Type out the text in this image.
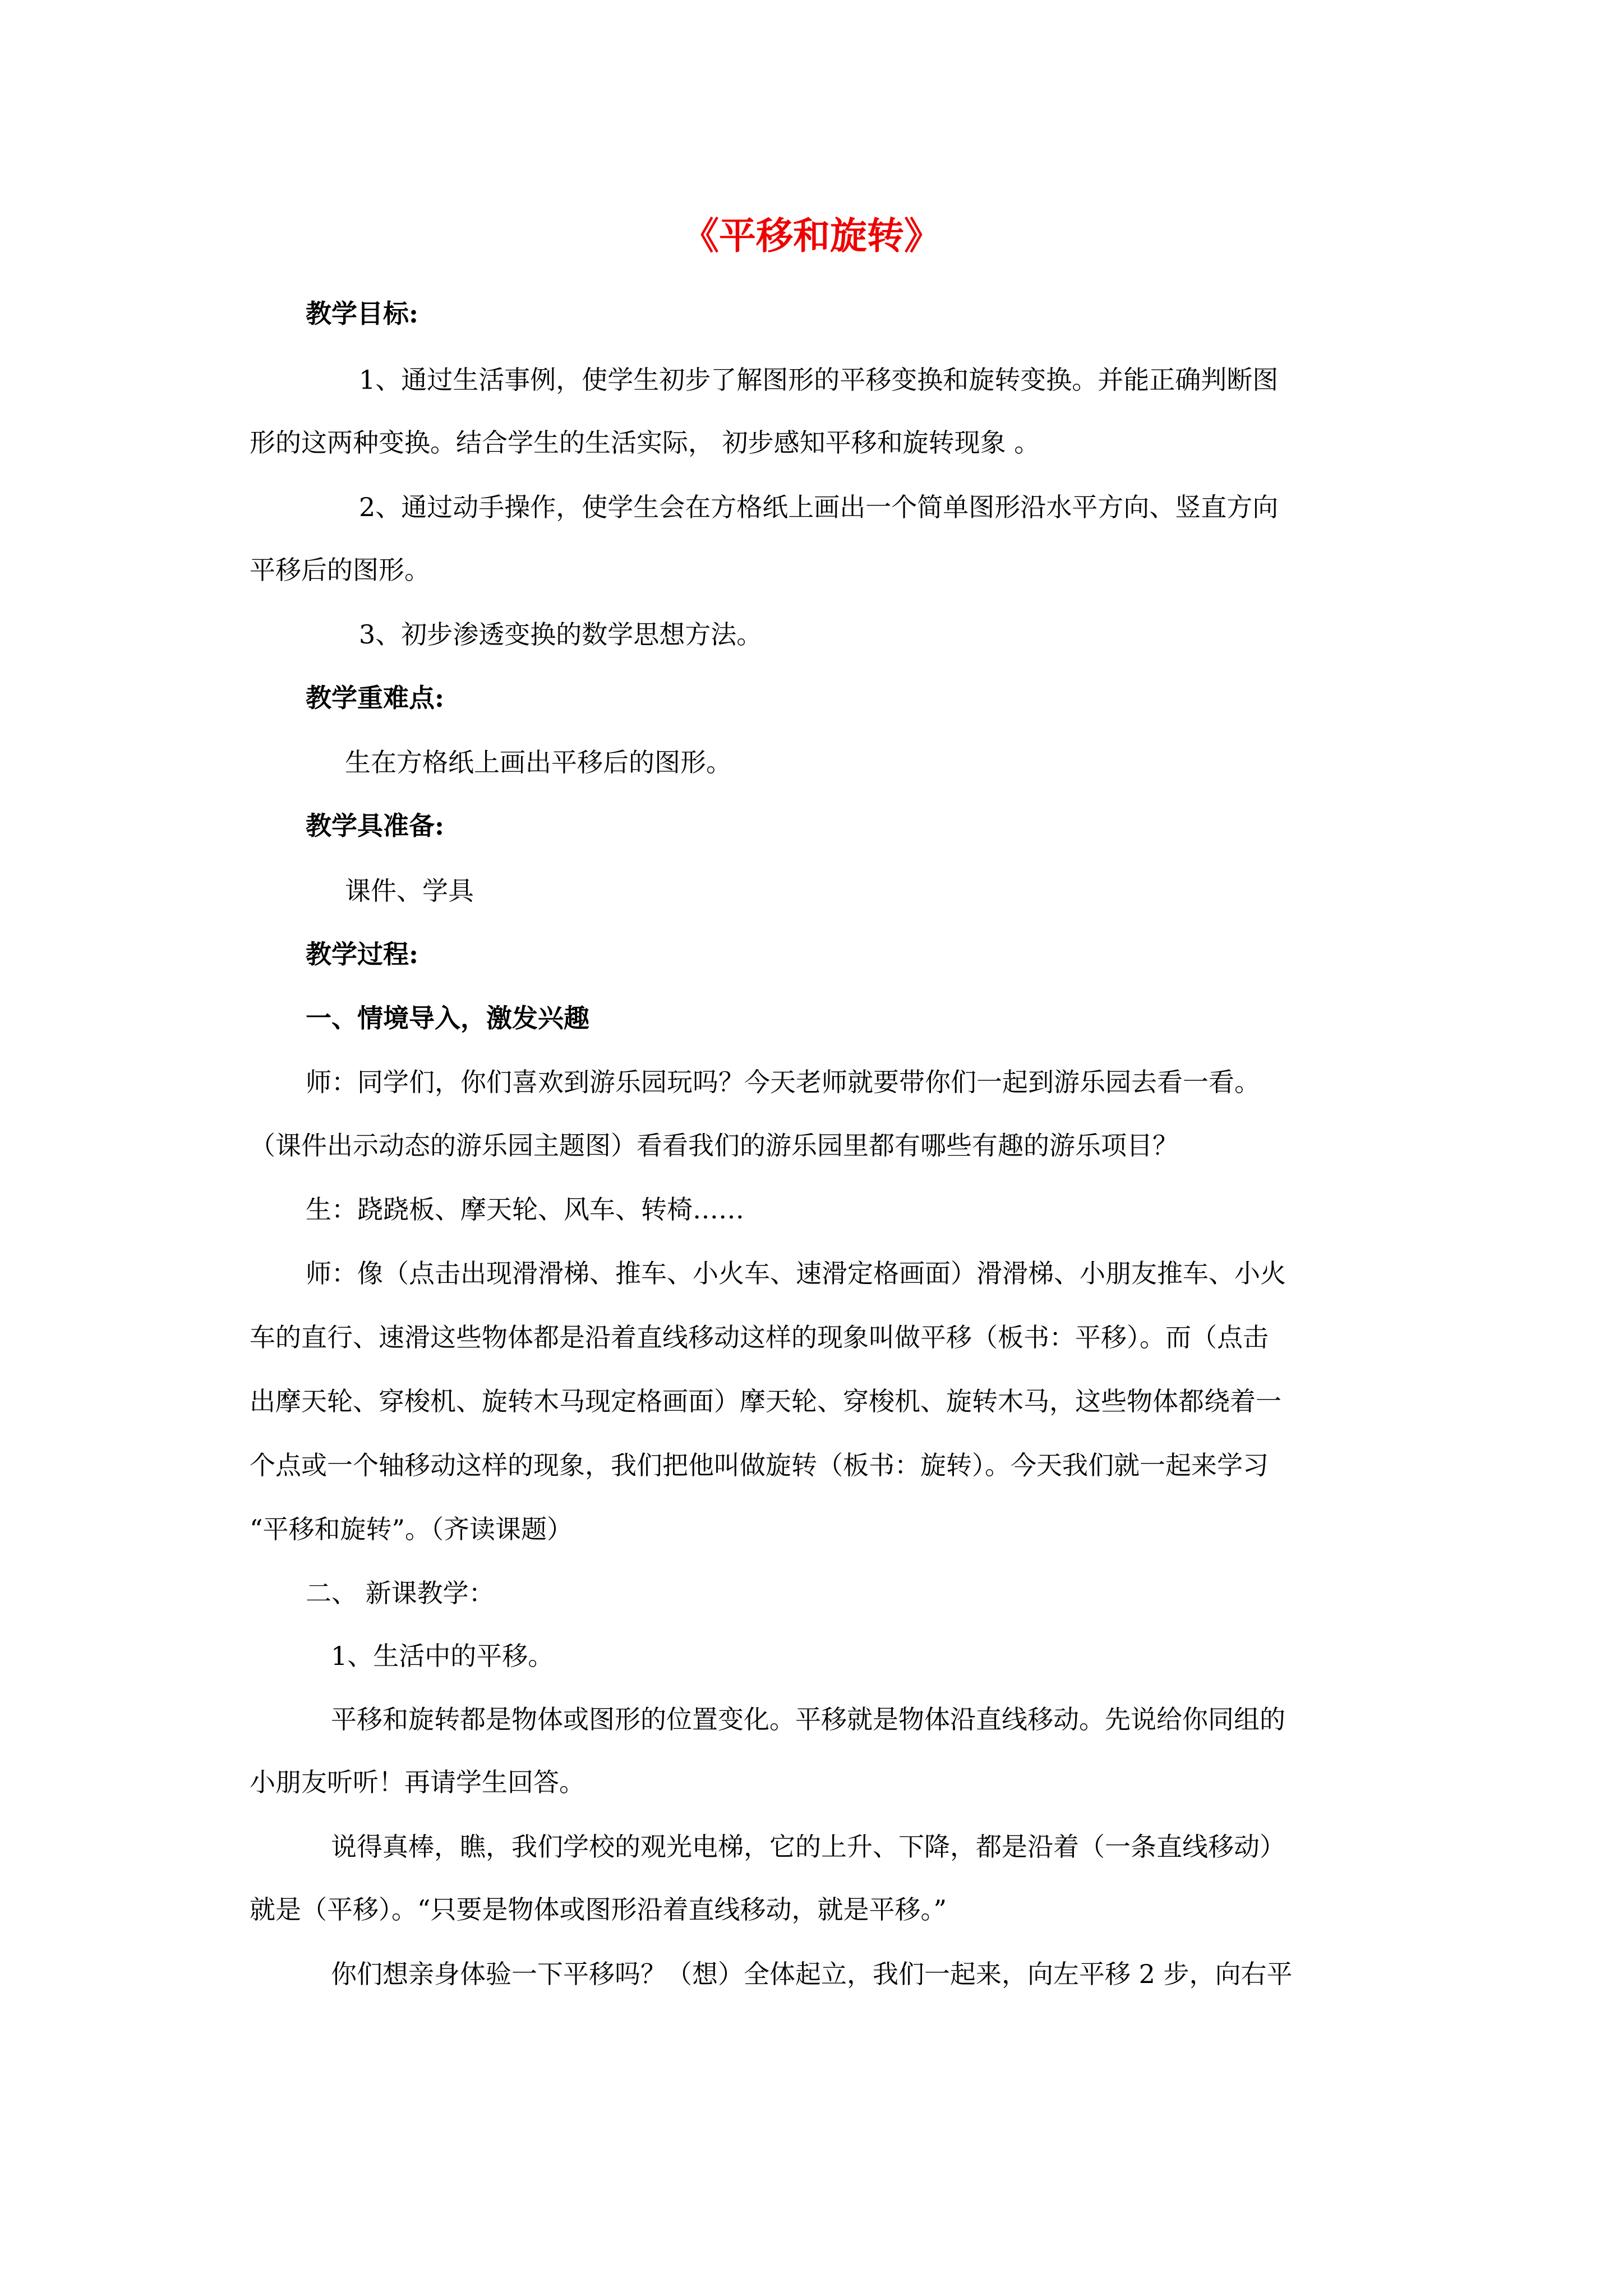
《平移和旋转》
教学目标:
1、通过生活事例，使学生初步了解图形的平移变换和旋转变换。并能正确判断图
形的这两种变换。结合学生的生活实际， 初步感知平移和旋转现象 。
2、通过动手操作，使学生会在方格纸上画出一个简单图形沿水平方向、竖直方向
平移后的图形。
3、初步渗透变换的数学思想方法。
教学重难点:
生在方格纸上画出平移后的图形。
教学具准备:
课件、学具
教学过程:
一、情境导入，激发兴趣
师：同学们，你们喜欢到游乐园玩吗？今天老师就要带你们一起到游乐园去看一看。
（课件出示动态的游乐园主题图）看看我们的游乐园里都有哪些有趣的游乐项目？
生：跷跷板、摩天轮、风车、转椅……
师：像（点击出现滑滑梯、推车、小火车、速滑定格画面）滑滑梯、小朋友推车、小火
车的直行、速滑这些物体都是沿着直线移动这样的现象叫做平移（板书：平移）。而（点击
出摩天轮、穿梭机、旋转木马现定格画面）摩天轮、穿梭机、旋转木马，这些物体都绕着一
个点或一个轴移动这样的现象，我们把他叫做旋转（板书：旋转）。今天我们就一起来学习
“平移和旋转”。（齐读课题）
二、 新课教学：
1、生活中的平移。
平移和旋转都是物体或图形的位置变化。平移就是物体沿直线移动。先说给你同组的
小朋友听听！再请学生回答。
说得真棒，瞧，我们学校的观光电梯，它的上升、下降，都是沿着（一条直线移动）
就是（平移）。“只要是物体或图形沿着直线移动，就是平移。”
你们想亲身体验一下平移吗？（想）全体起立，我们一起来，向左平移 2 步，向右平
